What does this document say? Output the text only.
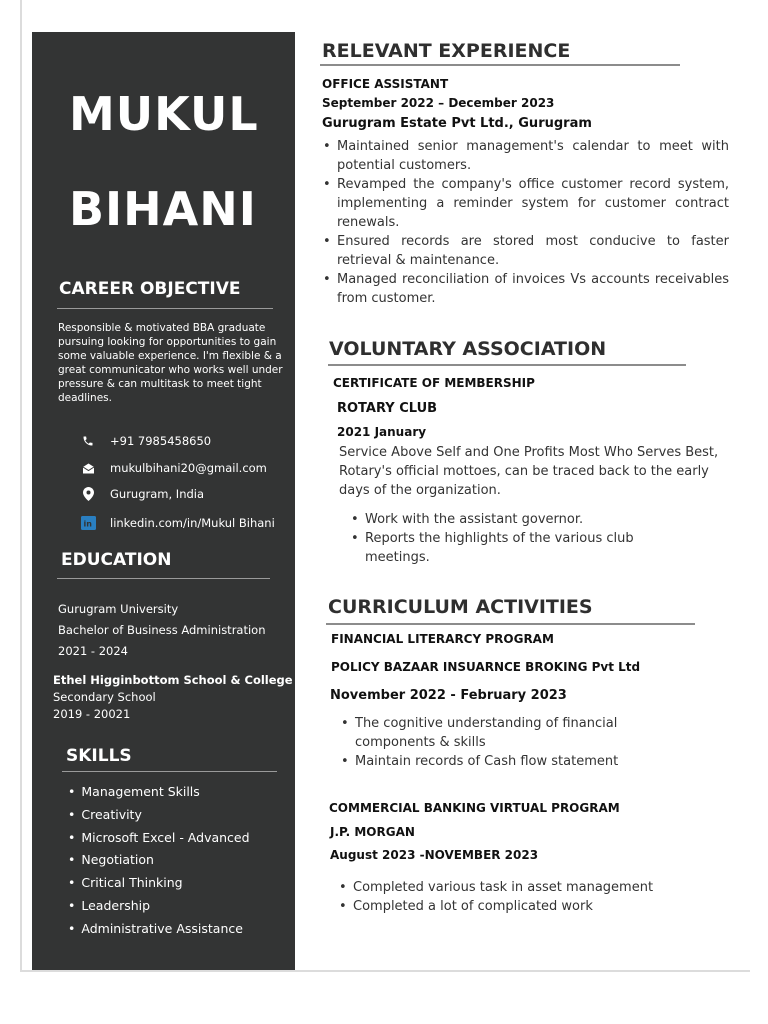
MUKUL
BIHANI
CAREER OBJECTIVE
Responsible & motivated BBA graduate pursuing looking for opportunities to gain some valuable experience. I'm flexible & a great communicator who works well under pressure & can multitask to meet tight deadlines.
+91 7985458650
mukulbihani20@gmail.com
Gurugram, India
in linkedin.com/in/Mukul Bihani
EDUCATION
Gurugram University
Bachelor of Business Administration
2021 - 2024
Ethel Higginbottom School & College
Secondary School
2019 - 20021
SKILLS
• Management Skills
• Creativity
• Microsoft Excel - Advanced
• Negotiation
• Critical Thinking
• Leadership
• Administrative Assistance
RELEVANT EXPERIENCE
OFFICE ASSISTANT
September 2022 – December 2023
Gurugram Estate Pvt Ltd., Gurugram
• Maintained senior management's calendar to meet with potential customers.
• Revamped the company's office customer record system, implementing a reminder system for customer contract renewals.
• Ensured records are stored most conducive to faster retrieval & maintenance.
• Managed reconciliation of invoices Vs accounts receivables from customer.
VOLUNTARY ASSOCIATION
CERTIFICATE OF MEMBERSHIP
ROTARY CLUB
2021 January
Service Above Self and One Profits Most Who Serves Best, Rotary's official mottoes, can be traced back to the early days of the organization.
• Work with the assistant governor.
• Reports the highlights of the various club meetings.
CURRICULUM ACTIVITIES
FINANCIAL LITERARCY PROGRAM
POLICY BAZAAR INSUARNCE BROKING Pvt Ltd
November 2022 - February 2023
• The cognitive understanding of financial components & skills
• Maintain records of Cash flow statement
COMMERCIAL BANKING VIRTUAL PROGRAM
J.P. MORGAN
August 2023 -NOVEMBER 2023
• Completed various task in asset management
• Completed a lot of complicated work
